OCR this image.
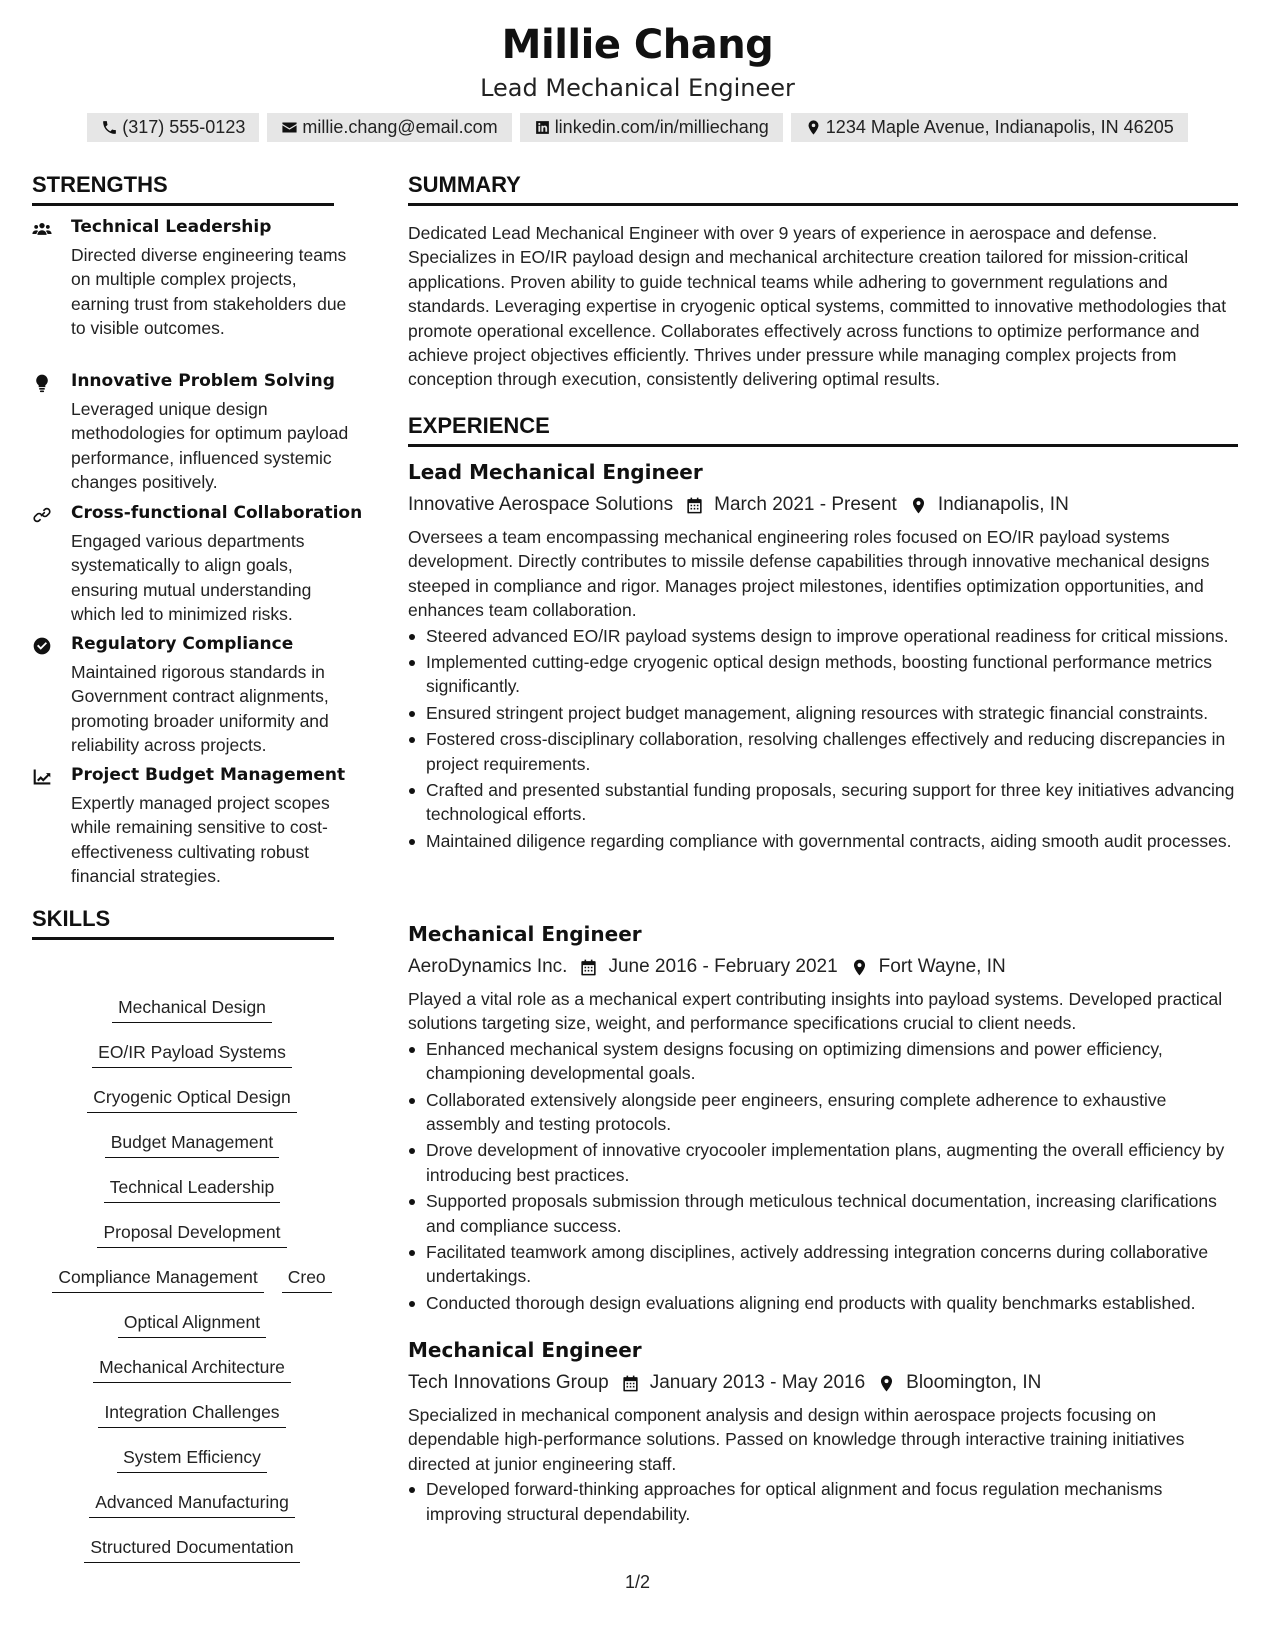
Millie Chang
Lead Mechanical Engineer
(317) 555-0123	millie.chang@email.com	linkedin.com/in/milliechang	1234 Maple Avenue, Indianapolis, IN 46205
STRENGTHS
Technical Leadership
Directed diverse engineering teams on multiple complex projects, earning trust from stakeholders due to visible outcomes.
Innovative Problem Solving
Leveraged unique design methodologies for optimum payload performance, influenced systemic changes positively.
Cross-functional Collaboration
Engaged various departments systematically to align goals, ensuring mutual understanding which led to minimized risks.
Regulatory Compliance
Maintained rigorous standards in Government contract alignments, promoting broader uniformity and reliability across projects.
Project Budget Management
Expertly managed project scopes while remaining sensitive to cost-effectiveness cultivating robust financial strategies.
SKILLS
Mechanical Design
EO/IR Payload Systems
Cryogenic Optical Design
Budget Management
Technical Leadership
Proposal Development
Compliance Management	Creo
Optical Alignment
Mechanical Architecture
Integration Challenges
System Efficiency
Advanced Manufacturing
Structured Documentation
SUMMARY
Dedicated Lead Mechanical Engineer with over 9 years of experience in aerospace and defense. Specializes in EO/IR payload design and mechanical architecture creation tailored for mission-critical applications. Proven ability to guide technical teams while adhering to government regulations and standards. Leveraging expertise in cryogenic optical systems, committed to innovative methodologies that promote operational excellence. Collaborates effectively across functions to optimize performance and achieve project objectives efficiently. Thrives under pressure while managing complex projects from conception through execution, consistently delivering optimal results.
EXPERIENCE
Lead Mechanical Engineer
Innovative Aerospace Solutions March 2021 - Present Indianapolis, IN
Oversees a team encompassing mechanical engineering roles focused on EO/IR payload systems development. Directly contributes to missile defense capabilities through innovative mechanical designs steeped in compliance and rigor. Manages project milestones, identifies optimization opportunities, and enhances team collaboration.
Steered advanced EO/IR payload systems design to improve operational readiness for critical missions.
Implemented cutting-edge cryogenic optical design methods, boosting functional performance metrics significantly.
Ensured stringent project budget management, aligning resources with strategic financial constraints.
Fostered cross-disciplinary collaboration, resolving challenges effectively and reducing discrepancies in project requirements.
Crafted and presented substantial funding proposals, securing support for three key initiatives advancing technological efforts.
Maintained diligence regarding compliance with governmental contracts, aiding smooth audit processes.
Mechanical Engineer
AeroDynamics Inc. June 2016 - February 2021 Fort Wayne, IN
Played a vital role as a mechanical expert contributing insights into payload systems. Developed practical solutions targeting size, weight, and performance specifications crucial to client needs.
Enhanced mechanical system designs focusing on optimizing dimensions and power efficiency, championing developmental goals.
Collaborated extensively alongside peer engineers, ensuring complete adherence to exhaustive assembly and testing protocols.
Drove development of innovative cryocooler implementation plans, augmenting the overall efficiency by introducing best practices.
Supported proposals submission through meticulous technical documentation, increasing clarifications and compliance success.
Facilitated teamwork among disciplines, actively addressing integration concerns during collaborative undertakings.
Conducted thorough design evaluations aligning end products with quality benchmarks established.
Mechanical Engineer
Tech Innovations Group January 2013 - May 2016 Bloomington, IN
Specialized in mechanical component analysis and design within aerospace projects focusing on dependable high-performance solutions. Passed on knowledge through interactive training initiatives directed at junior engineering staff.
Developed forward-thinking approaches for optical alignment and focus regulation mechanisms improving structural dependability.
1/2
